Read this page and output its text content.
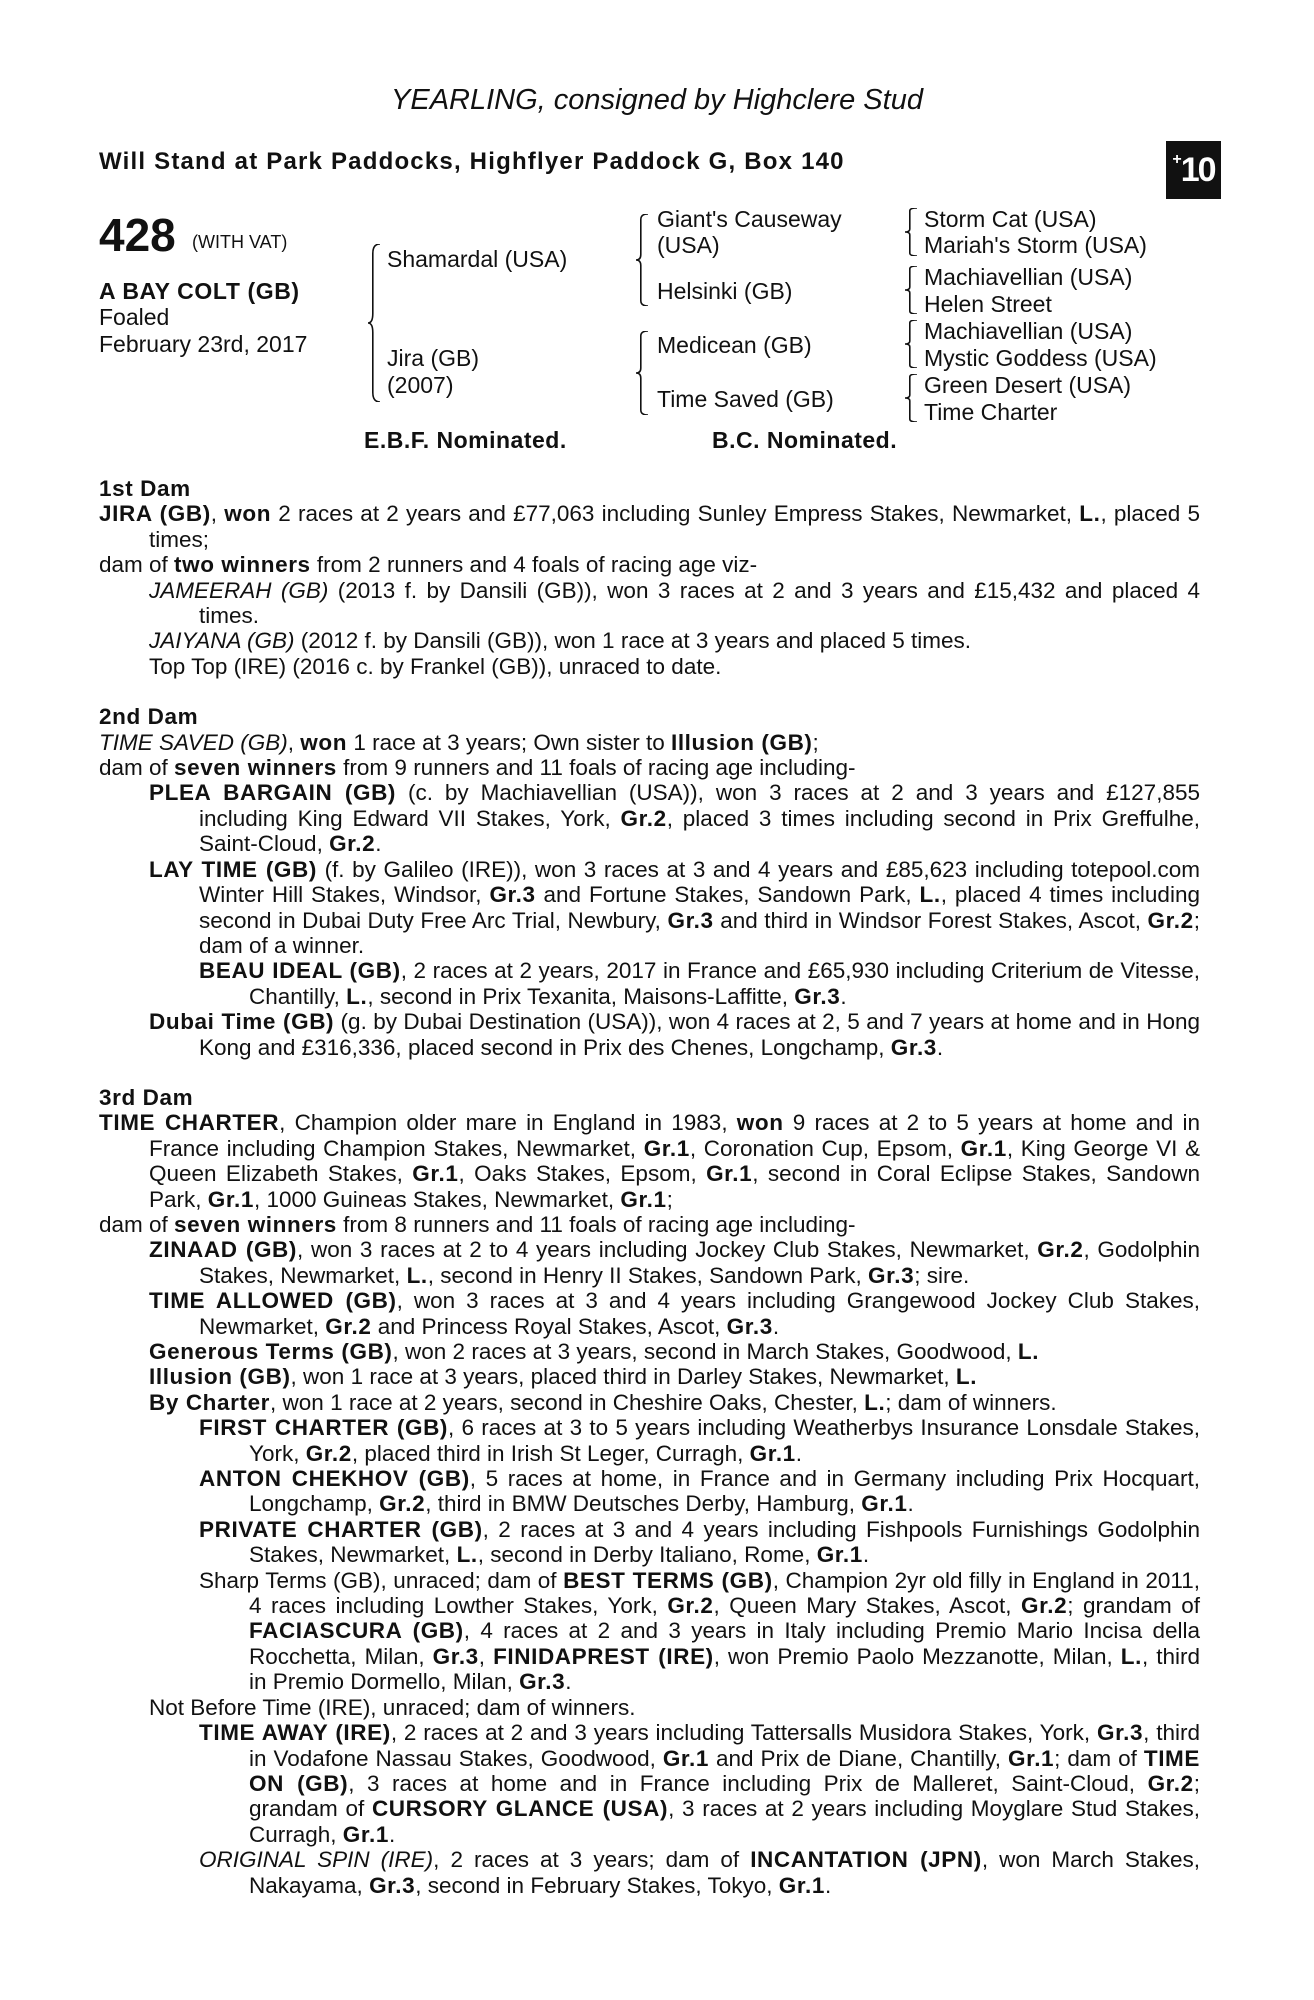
YEARLING, consigned by Highclere Stud
Will Stand at Park Paddocks, Highflyer Paddock G, Box 140	+ 10
428 (WITH VAT)
A BAY COLT (GB)
Foaled
February 23rd, 2017
Shamardal (USA)
Jira (GB)
(2007)
Giant's Causeway
(USA)
Helsinki (GB)
Medicean (GB)
Time Saved (GB)
Storm Cat (USA)
Mariah's Storm (USA)
Machiavellian (USA)
Helen Street
Machiavellian (USA)
Mystic Goddess (USA)
Green Desert (USA)
Time Charter
E.B.F. Nominated.	B.C. Nominated.
1st Dam
JIRA (GB), won 2 races at 2 years and £77,063 including Sunley Empress Stakes, Newmarket, L., placed 5 times;
dam of two winners from 2 runners and 4 foals of racing age viz-
JAMEERAH (GB) (2013 f. by Dansili (GB)), won 3 races at 2 and 3 years and £15,432 and placed 4 times.
JAIYANA (GB) (2012 f. by Dansili (GB)), won 1 race at 3 years and placed 5 times.
Top Top (IRE) (2016 c. by Frankel (GB)), unraced to date.
2nd Dam
TIME SAVED (GB), won 1 race at 3 years; Own sister to Illusion (GB);
dam of seven winners from 9 runners and 11 foals of racing age including-
PLEA BARGAIN (GB) (c. by Machiavellian (USA)), won 3 races at 2 and 3 years and £127,855 including King Edward VII Stakes, York, Gr.2, placed 3 times including second in Prix Greffulhe, Saint-Cloud, Gr.2.
LAY TIME (GB) (f. by Galileo (IRE)), won 3 races at 3 and 4 years and £85,623 including totepool.com Winter Hill Stakes, Windsor, Gr.3 and Fortune Stakes, Sandown Park, L., placed 4 times including second in Dubai Duty Free Arc Trial, Newbury, Gr.3 and third in Windsor Forest Stakes, Ascot, Gr.2; dam of a winner.
BEAU IDEAL (GB), 2 races at 2 years, 2017 in France and £65,930 including Criterium de Vitesse, Chantilly, L., second in Prix Texanita, Maisons-Laffitte, Gr.3.
Dubai Time (GB) (g. by Dubai Destination (USA)), won 4 races at 2, 5 and 7 years at home and in Hong Kong and £316,336, placed second in Prix des Chenes, Longchamp, Gr.3.
3rd Dam
TIME CHARTER, Champion older mare in England in 1983, won 9 races at 2 to 5 years at home and in France including Champion Stakes, Newmarket, Gr.1, Coronation Cup, Epsom, Gr.1, King George VI & Queen Elizabeth Stakes, Gr.1, Oaks Stakes, Epsom, Gr.1, second in Coral Eclipse Stakes, Sandown Park, Gr.1, 1000 Guineas Stakes, Newmarket, Gr.1;
dam of seven winners from 8 runners and 11 foals of racing age including-
ZINAAD (GB), won 3 races at 2 to 4 years including Jockey Club Stakes, Newmarket, Gr.2, Godolphin Stakes, Newmarket, L., second in Henry II Stakes, Sandown Park, Gr.3; sire.
TIME ALLOWED (GB), won 3 races at 3 and 4 years including Grangewood Jockey Club Stakes, Newmarket, Gr.2 and Princess Royal Stakes, Ascot, Gr.3.
Generous Terms (GB), won 2 races at 3 years, second in March Stakes, Goodwood, L.
Illusion (GB), won 1 race at 3 years, placed third in Darley Stakes, Newmarket, L.
By Charter, won 1 race at 2 years, second in Cheshire Oaks, Chester, L.; dam of winners.
FIRST CHARTER (GB), 6 races at 3 to 5 years including Weatherbys Insurance Lonsdale Stakes, York, Gr.2, placed third in Irish St Leger, Curragh, Gr.1.
ANTON CHEKHOV (GB), 5 races at home, in France and in Germany including Prix Hocquart, Longchamp, Gr.2, third in BMW Deutsches Derby, Hamburg, Gr.1.
PRIVATE CHARTER (GB), 2 races at 3 and 4 years including Fishpools Furnishings Godolphin Stakes, Newmarket, L., second in Derby Italiano, Rome, Gr.1.
Sharp Terms (GB), unraced; dam of BEST TERMS (GB), Champion 2yr old filly in England in 2011, 4 races including Lowther Stakes, York, Gr.2, Queen Mary Stakes, Ascot, Gr.2; grandam of FACIASCURA (GB), 4 races at 2 and 3 years in Italy including Premio Mario Incisa della Rocchetta, Milan, Gr.3, FINIDAPREST (IRE), won Premio Paolo Mezzanotte, Milan, L., third in Premio Dormello, Milan, Gr.3.
Not Before Time (IRE), unraced; dam of winners.
TIME AWAY (IRE), 2 races at 2 and 3 years including Tattersalls Musidora Stakes, York, Gr.3, third in Vodafone Nassau Stakes, Goodwood, Gr.1 and Prix de Diane, Chantilly, Gr.1; dam of TIME ON (GB), 3 races at home and in France including Prix de Malleret, Saint-Cloud, Gr.2; grandam of CURSORY GLANCE (USA), 3 races at 2 years including Moyglare Stud Stakes, Curragh, Gr.1.
ORIGINAL SPIN (IRE), 2 races at 3 years; dam of INCANTATION (JPN), won March Stakes, Nakayama, Gr.3, second in February Stakes, Tokyo, Gr.1.
